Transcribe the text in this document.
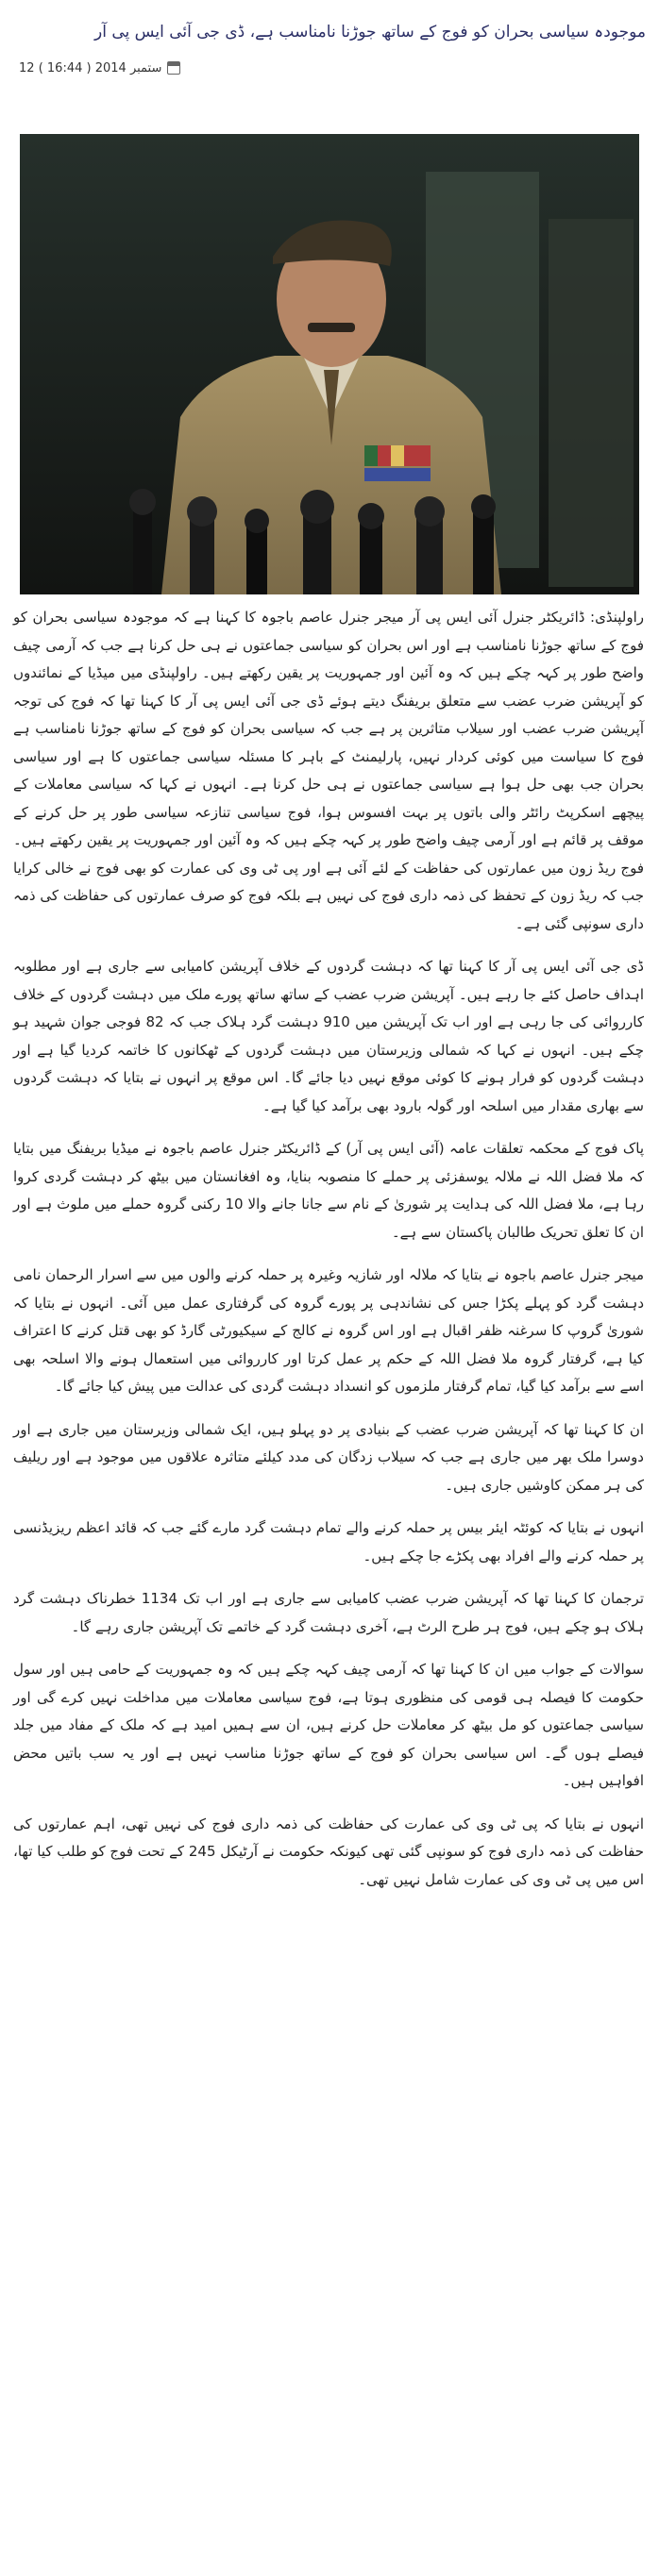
موجودہ سیاسی بحران کو فوج کے ساتھ جوڑنا نامناسب ہے، ڈی جی آئی ایس پی آر
12 ستمبر 2014 ( 16:44 )

راولپنڈی: ڈائریکٹر جنرل آئی ایس پی آر میجر جنرل عاصم باجوہ کا کہنا ہے کہ موجودہ سیاسی بحران کو فوج کے ساتھ جوڑنا نامناسب ہے اور اس بحران کو سیاسی جماعتوں نے ہی حل کرنا ہے جب کہ آرمی چیف واضح طور پر کہہ چکے ہیں کہ وہ آئین اور جمہوریت پر یقین رکھتے ہیں۔ راولپنڈی میں میڈیا کے نمائندوں کو آپریشن ضرب عضب سے متعلق بریفنگ دیتے ہوئے ڈی جی آئی ایس پی آر کا کہنا تھا کہ فوج کی توجہ آپریشن ضرب عضب اور سیلاب متاثرین پر ہے جب کہ سیاسی بحران کو فوج کے ساتھ جوڑنا نامناسب ہے فوج کا سیاست میں کوئی کردار نہیں، پارلیمنٹ کے باہر کا مسئلہ سیاسی جماعتوں کا ہے اور سیاسی بحران جب بھی حل ہوا ہے سیاسی جماعتوں نے ہی حل کرنا ہے۔ انہوں نے کہا کہ سیاسی معاملات کے پیچھے اسکرپٹ رائٹر والی باتوں پر بہت افسوس ہوا، فوج سیاسی تنازعہ سیاسی طور پر حل کرنے کے موقف پر قائم ہے اور آرمی چیف واضح طور پر کہہ چکے ہیں کہ وہ آئین اور جمہوریت پر یقین رکھتے ہیں۔ فوج ریڈ زون میں عمارتوں کی حفاظت کے لئے آئی ہے اور پی ٹی وی کی عمارت کو بھی فوج نے خالی کرایا جب کہ ریڈ زون کے تحفظ کی ذمہ داری فوج کی نہیں ہے بلکہ فوج کو صرف عمارتوں کی حفاظت کی ذمہ داری سونپی گئی ہے۔

ڈی جی آئی ایس پی آر کا کہنا تھا کہ دہشت گردوں کے خلاف آپریشن کامیابی سے جاری ہے اور مطلوبہ اہداف حاصل کئے جا رہے ہیں۔ آپریشن ضرب عضب کے ساتھ ساتھ پورے ملک میں دہشت گردوں کے خلاف کارروائی کی جا رہی ہے اور اب تک آپریشن میں 910 دہشت گرد ہلاک جب کہ 82 فوجی جوان شہید ہو چکے ہیں۔ انہوں نے کہا کہ شمالی وزیرستان میں دہشت گردوں کے ٹھکانوں کا خاتمہ کردیا گیا ہے اور دہشت گردوں کو فرار ہونے کا کوئی موقع نہیں دیا جائے گا۔ اس موقع پر انہوں نے بتایا کہ دہشت گردوں سے بھاری مقدار میں اسلحہ اور گولہ بارود بھی برآمد کیا گیا ہے۔

پاک فوج کے محکمہ تعلقات عامہ (آئی ایس پی آر) کے ڈائریکٹر جنرل عاصم باجوہ نے میڈیا بریفنگ میں بتایا کہ ملا فضل اللہ نے ملالہ یوسفزئی پر حملے کا منصوبہ بنایا، وہ افغانستان میں بیٹھ کر دہشت گردی کروا رہا ہے، ملا فضل اللہ کی ہدایت پر شوریٰ کے نام سے جانا جانے والا 10 رکنی گروہ حملے میں ملوث ہے اور ان کا تعلق تحریک طالبان پاکستان سے ہے۔

میجر جنرل عاصم باجوہ نے بتایا کہ ملالہ اور شازیہ وغیرہ پر حملہ کرنے والوں میں سے اسرار الرحمان نامی دہشت گرد کو پہلے پکڑا جس کی نشاندہی پر پورے گروہ کی گرفتاری عمل میں آئی۔ انہوں نے بتایا کہ شوریٰ گروپ کا سرغنہ ظفر اقبال ہے اور اس گروہ نے کالج کے سیکیورٹی گارڈ کو بھی قتل کرنے کا اعتراف کیا ہے، گرفتار گروہ ملا فضل اللہ کے حکم پر عمل کرتا اور کارروائی میں استعمال ہونے والا اسلحہ بھی اسے سے برآمد کیا گیا، تمام گرفتار ملزموں کو انسداد دہشت گردی کی عدالت میں پیش کیا جائے گا۔

ان کا کہنا تھا کہ آپریشن ضرب عضب کے بنیادی پر دو پہلو ہیں، ایک شمالی وزیرستان میں جاری ہے اور دوسرا ملک بھر میں جاری ہے جب کہ سیلاب زدگان کی مدد کیلئے متاثرہ علاقوں میں موجود ہے اور ریلیف کی ہر ممکن کاوشیں جاری ہیں۔

انہوں نے بتایا کہ کوئٹہ ایئر بیس پر حملہ کرنے والے تمام دہشت گرد مارے گئے جب کہ قائد اعظم ریزیڈنسی پر حملہ کرنے والے افراد بھی پکڑے جا چکے ہیں۔

ترجمان کا کہنا تھا کہ آپریشن ضرب عضب کامیابی سے جاری ہے اور اب تک 1134 خطرناک دہشت گرد ہلاک ہو چکے ہیں، فوج ہر طرح الرٹ ہے، آخری دہشت گرد کے خاتمے تک آپریشن جاری رہے گا۔

سوالات کے جواب میں ان کا کہنا تھا کہ آرمی چیف کہہ چکے ہیں کہ وہ جمہوریت کے حامی ہیں اور سول حکومت کا فیصلہ ہی قومی کی منظوری ہوتا ہے، فوج سیاسی معاملات میں مداخلت نہیں کرے گی اور سیاسی جماعتوں کو مل بیٹھ کر معاملات حل کرنے ہیں، ان سے ہمیں امید ہے کہ ملک کے مفاد میں جلد فیصلے ہوں گے۔ اس سیاسی بحران کو فوج کے ساتھ جوڑنا مناسب نہیں ہے اور یہ سب باتیں محض افواہیں ہیں۔

انہوں نے بتایا کہ پی ٹی وی کی عمارت کی حفاظت کی ذمہ داری فوج کی نہیں تھی، اہم عمارتوں کی حفاظت کی ذمہ داری فوج کو سونپی گئی تھی کیونکہ حکومت نے آرٹیکل 245 کے تحت فوج کو طلب کیا تھا، اس میں پی ٹی وی کی عمارت شامل نہیں تھی۔
